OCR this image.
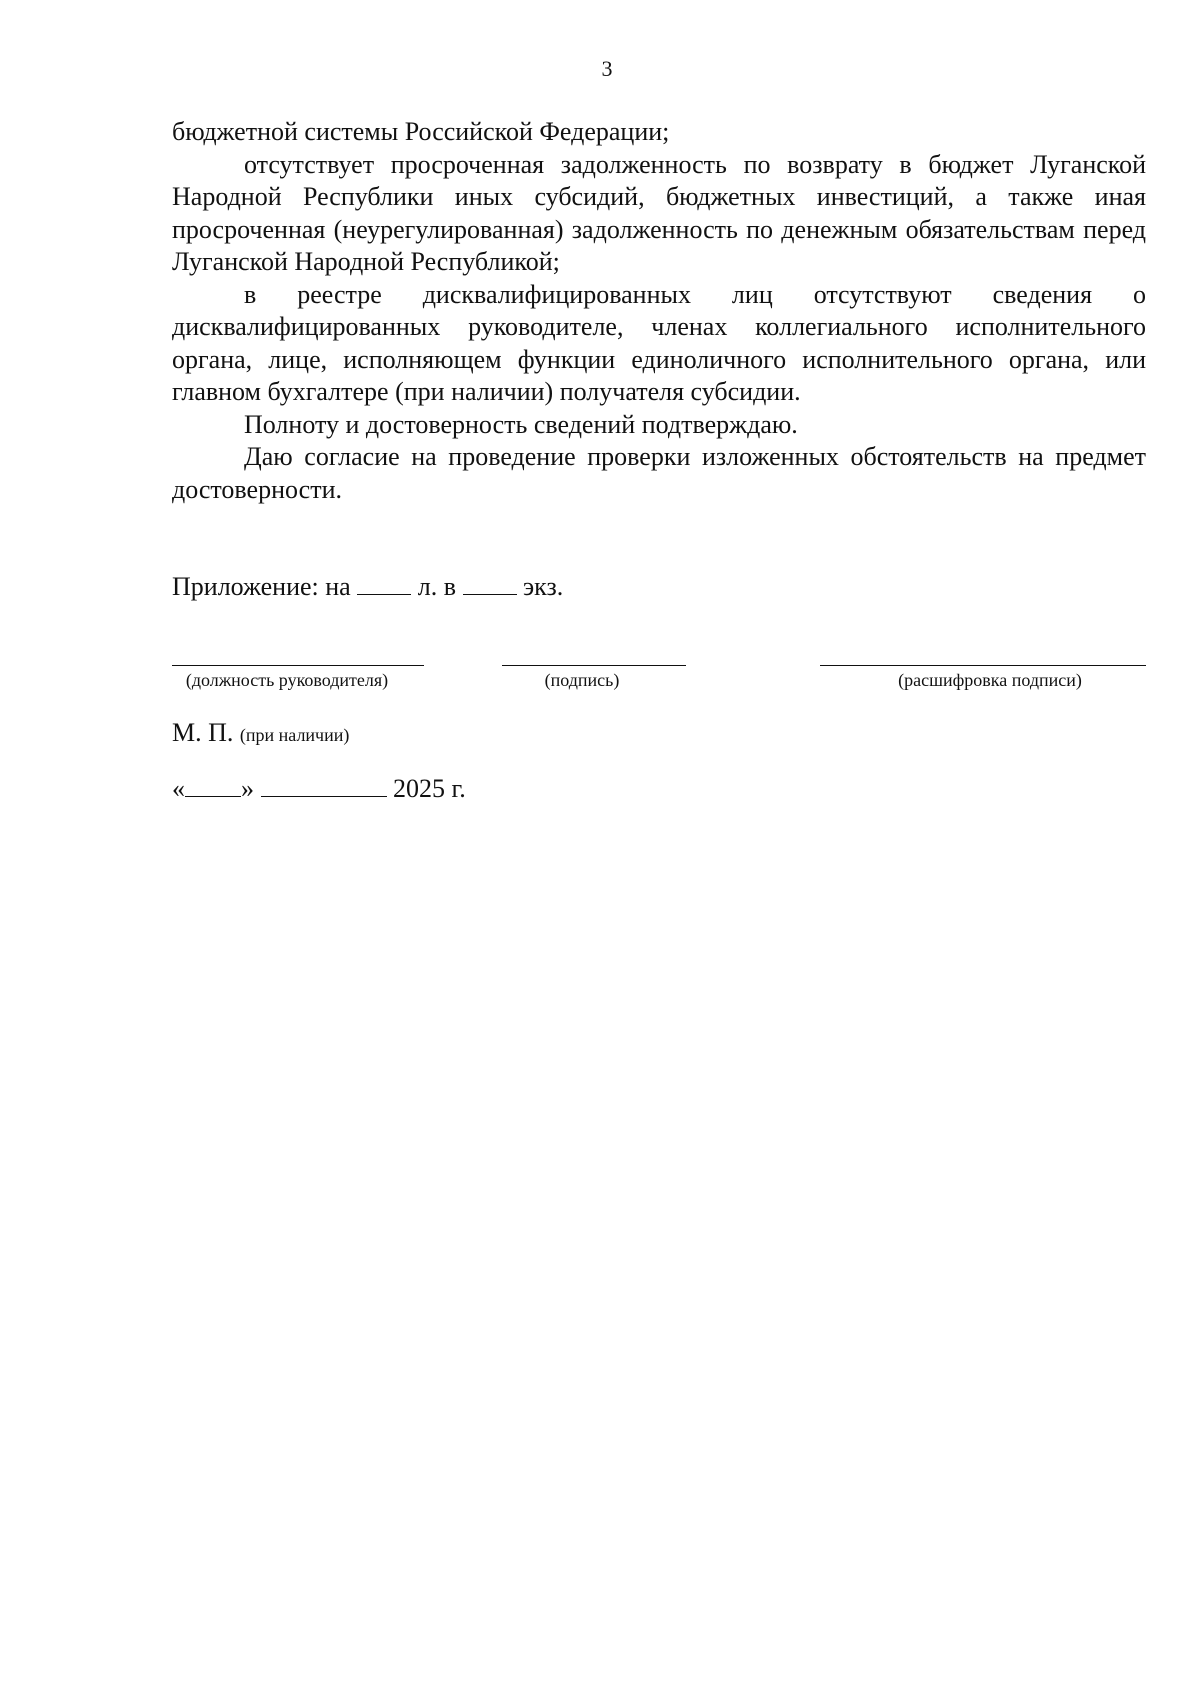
3

бюджетной системы Российской Федерации;

отсутствует просроченная задолженность по возврату в бюджет Луганской Народной Республики иных субсидий, бюджетных инвестиций, а также иная просроченная (неурегулированная) задолженность по денежным обязательствам перед Луганской Народной Республикой;

в реестре дисквалифицированных лиц отсутствуют сведения о дисквалифицированных руководителе, членах коллегиального исполнительного органа, лице, исполняющем функции единоличного исполнительного органа, или главном бухгалтере (при наличии) получателя субсидии.

Полноту и достоверность сведений подтверждаю.

Даю согласие на проведение проверки изложенных обстоятельств на предмет достоверности.

Приложение: на	л. в	экз.
(должность руководителя)	(подпись)	(расшифровка подписи)
М. П. (при наличии)
« »	2025 г.
